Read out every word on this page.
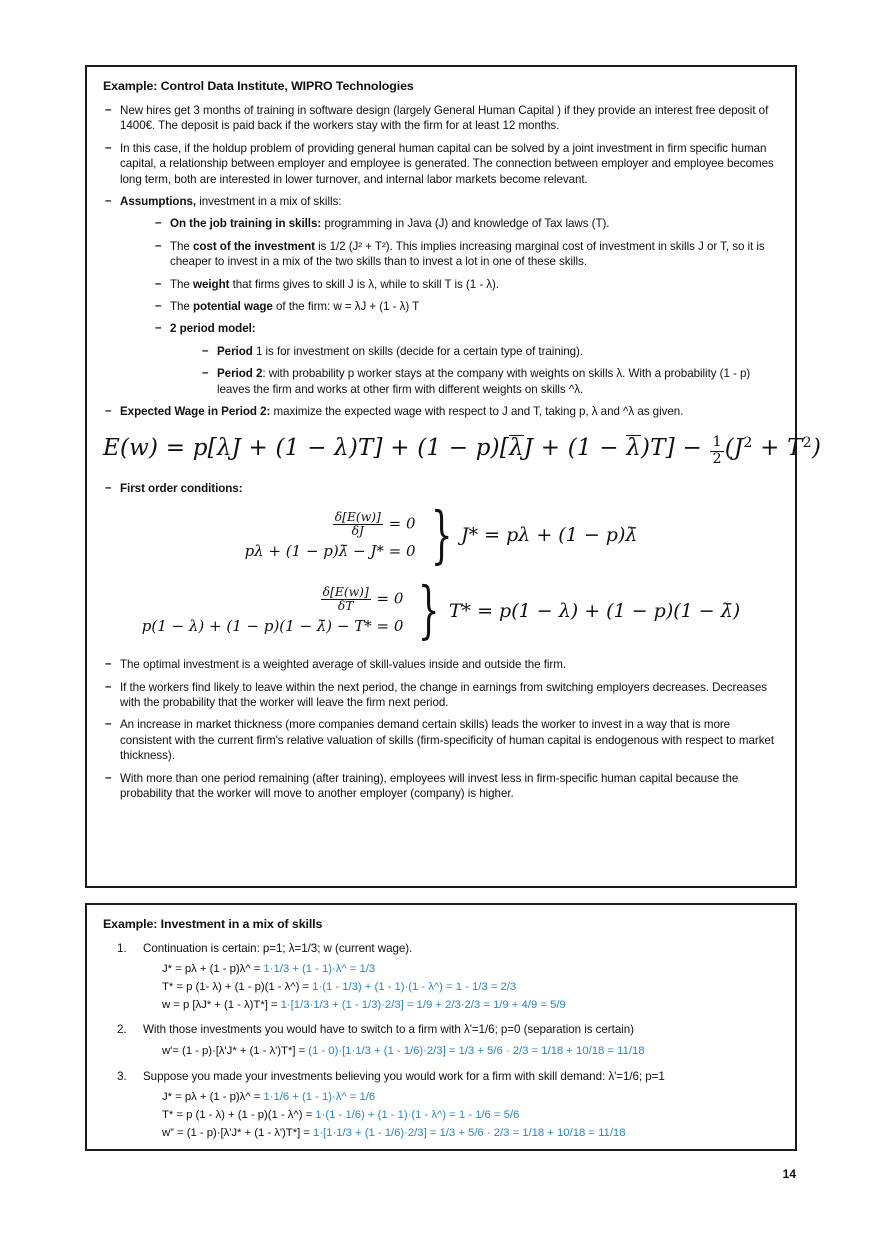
Example: Control Data Institute, WIPRO Technologies
– New hires get 3 months of training in software design (largely General Human Capital ) if they provide an interest free deposit of 1400€. The deposit is paid back if the workers stay with the firm for at least 12 months.
– In this case, if the holdup problem of providing general human capital can be solved by a joint investment in firm specific human capital, a relationship between employer and employee is generated. The connection between employer and employee becomes long term, both are interested in lower turnover, and internal labor markets become relevant.
– Assumptions, investment in a mix of skills:
– On the job training in skills: programming in Java (J) and knowledge of Tax laws (T).
– The cost of the investment is 1/2 (J² + T²). This implies increasing marginal cost of investment in skills J or T, so it is cheaper to invest in a mix of the two skills than to invest a lot in one of these skills.
– The weight that firms gives to skill J is λ, while to skill T is (1 - λ).
– The potential wage of the firm: w = λJ + (1 - λ) T
– 2 period model:
– Period 1 is for investment on skills (decide for a certain type of training).
– Period 2: with probability p worker stays at the company with weights on skills λ. With a probability (1 - p) leaves the firm and works at other firm with different weights on skills ^λ.
– Expected Wage in Period 2: maximize the expected wage with respect to J and T, taking p, λ and ^λ as given.
$E(w) = p[\lambda J + (1 - \lambda)T] + (1 - p)[\lambda J + (1 - \lambda)T] - \frac{1}{2} (J^2 + T^2)$
– First order conditions:
$\frac{\delta[E(w)]}{\delta J} = 0$
pλ + (1 − p)λ̄ − J* = 0 } J* = pλ + (1 − p)λ̄
$\frac{\delta[E(w)]}{\delta T} = 0$
p(1 − λ) + (1 − p)(1 − λ̄) − T* = 0 } T* = p(1 − λ) + (1 − p)(1 − λ̄)
– The optimal investment is a weighted average of skill-values inside and outside the firm.
– If the workers find likely to leave within the next period, the change in earnings from switching employers decreases. Decreases with the probability that the worker will leave the firm next period.
– An increase in market thickness (more companies demand certain skills) leads the worker to invest in a way that is more consistent with the current firm's relative valuation of skills (firm-specificity of human capital is endogenous with respect to market thickness).
– With more than one period remaining (after training), employees will invest less in firm-specific human capital because the probability that the worker will move to another employer (company) is higher.
Example: Investment in a mix of skills
1. Continuation is certain: p=1; λ=1/3; w (current wage).
J* = pλ + (1 - p)λ^ = 1·1/3 + (1 - 1)·λ^ = 1/3
T* = p (1- λ) + (1 - p)(1 - λ^) = 1·(1 - 1/3) + (1 - 1)·(1 - λ^) = 1 - 1/3 = 2/3
w = p [λJ* + (1 - λ)T*] = 1·[1/3·1/3 + (1 - 1/3)·2/3] = 1/9 + 2/3·2/3 = 1/9 + 4/9 = 5/9
2. With those investments you would have to switch to a firm with λ'=1/6; p=0 (separation is certain)
w'= (1 - p)·[λ'J* + (1 - λ')T*] = (1 - 0)·[1·1/3 + (1 - 1/6)·2/3] = 1/3 + 5/6 · 2/3 = 1/18 + 10/18 = 11/18
3. Suppose you made your investments believing you would work for a firm with skill demand: λ'=1/6; p=1
J* = pλ + (1 - p)λ^ = 1·1/6 + (1 - 1)·λ^ = 1/6
T* = p (1 - λ) + (1 - p)(1 - λ^) = 1·(1 - 1/6) + (1 - 1)·(1 - λ^) = 1 - 1/6 = 5/6
w” = (1 - p)·[λ'J* + (1 - λ')T*] = 1·[1·1/3 + (1 - 1/6)·2/3] = 1/3 + 5/6 · 2/3 = 1/18 + 10/18 = 11/18
14
